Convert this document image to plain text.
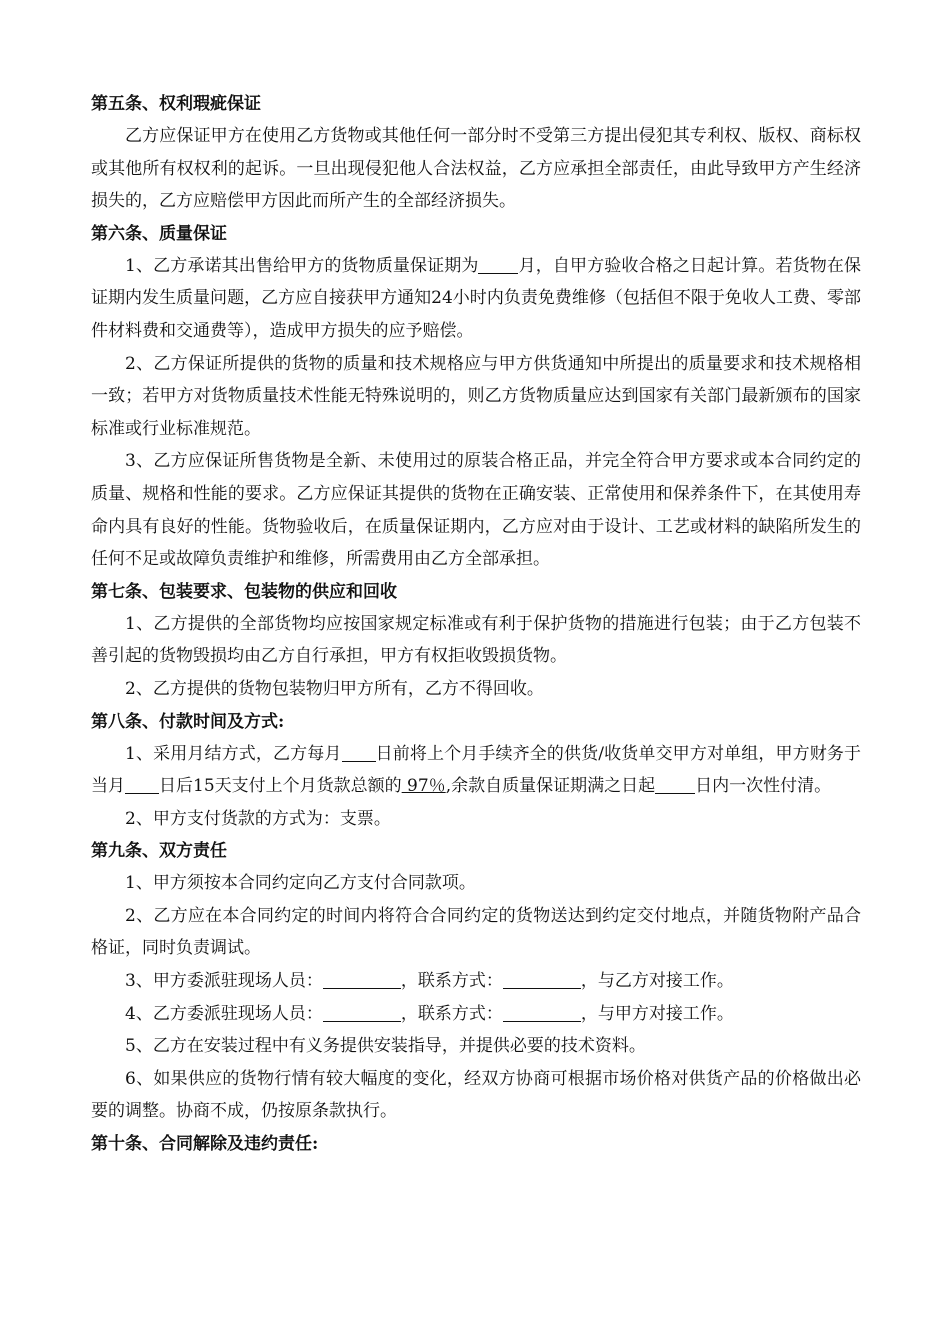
第五条、权利瑕疵保证

乙方应保证甲方在使用乙方货物或其他任何一部分时不受第三方提出侵犯其专利权、版权、商标权或其他所有权权利的起诉。一旦出现侵犯他人合法权益，乙方应承担全部责任，由此导致甲方产生经济损失的，乙方应赔偿甲方因此而所产生的全部经济损失。

第六条、质量保证

1、乙方承诺其出售给甲方的货物质量保证期为 月，自甲方验收合格之日起计算。若货物在保证期内发生质量问题，乙方应自接获甲方通知24小时内负责免费维修（包括但不限于免收人工费、零部件材料费和交通费等），造成甲方损失的应予赔偿。

2、乙方保证所提供的货物的质量和技术规格应与甲方供货通知中所提出的质量要求和技术规格相一致；若甲方对货物质量技术性能无特殊说明的，则乙方货物质量应达到国家有关部门最新颁布的国家标准或行业标准规范。

3、乙方应保证所售货物是全新、未使用过的原装合格正品，并完全符合甲方要求或本合同约定的质量、规格和性能的要求。乙方应保证其提供的货物在正确安装、正常使用和保养条件下，在其使用寿命内具有良好的性能。货物验收后，在质量保证期内，乙方应对由于设计、工艺或材料的缺陷所发生的任何不足或故障负责维护和维修，所需费用由乙方全部承担。

第七条、包装要求、包装物的供应和回收

1、乙方提供的全部货物均应按国家规定标准或有利于保护货物的措施进行包装；由于乙方包装不善引起的货物毁损均由乙方自行承担，甲方有权拒收毁损货物。

2、乙方提供的货物包装物归甲方所有，乙方不得回收。

第八条、付款时间及方式:

1、采用月结方式，乙方每月 日前将上个月手续齐全的供货/收货单交甲方对单组，甲方财务于当月 日后15天支付上个月货款总额的 97％,余款自质量保证期满之日起 日内一次性付清。

2、甲方支付货款的方式为：支票。

第九条、双方责任

1、甲方须按本合同约定向乙方支付合同款项。

2、乙方应在本合同约定的时间内将符合合同约定的货物送达到约定交付地点，并随货物附产品合格证，同时负责调试。

3、甲方委派驻现场人员：	，联系方式：	，与乙方对接工作。

4、乙方委派驻现场人员：	，联系方式：	，与甲方对接工作。

5、乙方在安装过程中有义务提供安装指导，并提供必要的技术资料。

6、如果供应的货物行情有较大幅度的变化，经双方协商可根据市场价格对供货产品的价格做出必要的调整。协商不成，仍按原条款执行。

第十条、合同解除及违约责任:
